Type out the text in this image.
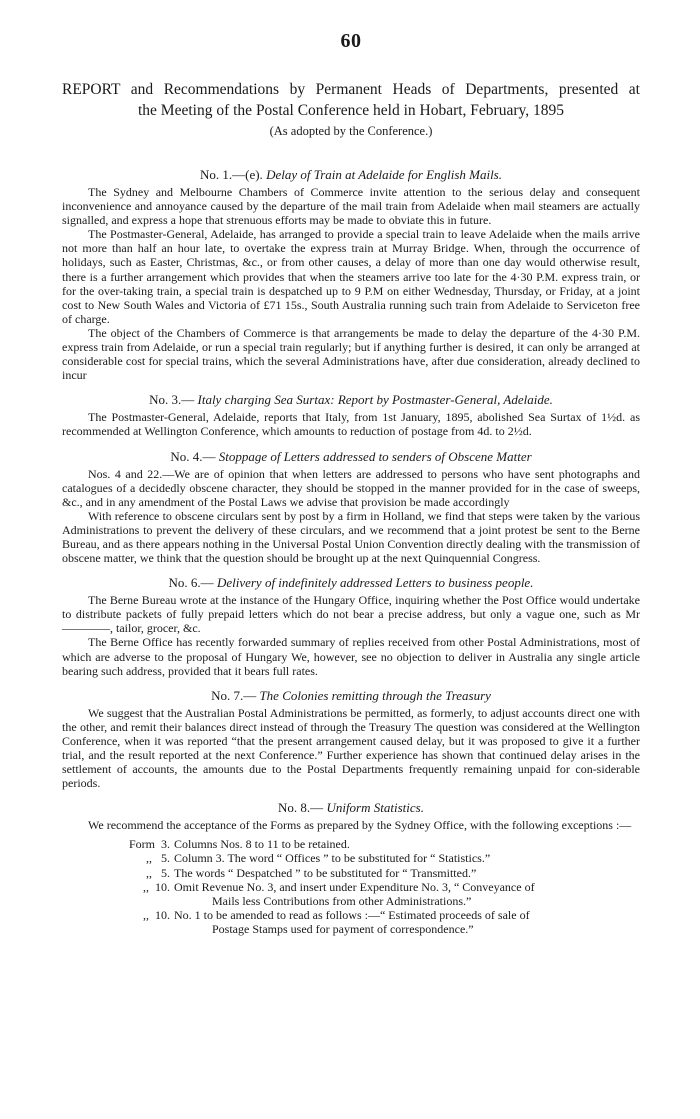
60
REPORT and Recommendations by Permanent Heads of Departments, presented at
the Meeting of the Postal Conference held in Hobart, February, 1895
(As adopted by the Conference.)
No. 1.—(e). Delay of Train at Adelaide for English Mails.

The Sydney and Melbourne Chambers of Commerce invite attention to the serious delay and consequent inconvenience and annoyance caused by the departure of the mail train from Adelaide when mail steamers are actually signalled, and express a hope that strenuous efforts may be made to obviate this in future.

The Postmaster-General, Adelaide, has arranged to provide a special train to leave Adelaide when the mails arrive not more than half an hour late, to overtake the express train at Murray Bridge. When, through the occurrence of holidays, such as Easter, Christmas, &c., or from other causes, a delay of more than one day would otherwise result, there is a further arrangement which provides that when the steamers arrive too late for the 4·30 P.M. express train, or for the over-taking train, a special train is despatched up to 9 P.M on either Wednesday, Thursday, or Friday, at a joint cost to New South Wales and Victoria of £71 15s., South Australia running such train from Adelaide to Serviceton free of charge.

The object of the Chambers of Commerce is that arrangements be made to delay the departure of the 4·30 P.M. express train from Adelaide, or run a special train regularly; but if anything further is desired, it can only be arranged at considerable cost for special trains, which the several Administrations have, after due consideration, already declined to incur

No. 3.— Italy charging Sea Surtax: Report by Postmaster-General, Adelaide.

The Postmaster-General, Adelaide, reports that Italy, from 1st January, 1895, abolished Sea Surtax of 1½d. as recommended at Wellington Conference, which amounts to reduction of postage from 4d. to 2½d.

No. 4.— Stoppage of Letters addressed to senders of Obscene Matter

Nos. 4 and 22.—We are of opinion that when letters are addressed to persons who have sent photographs and catalogues of a decidedly obscene character, they should be stopped in the manner provided for in the case of sweeps, &c., and in any amendment of the Postal Laws we advise that provision be made accordingly

With reference to obscene circulars sent by post by a firm in Holland, we find that steps were taken by the various Administrations to prevent the delivery of these circulars, and we recommend that a joint protest be sent to the Berne Bureau, and as there appears nothing in the Universal Postal Union Convention directly dealing with the transmission of obscene matter, we think that the question should be brought up at the next Quinquennial Congress.

No. 6.— Delivery of indefinitely addressed Letters to business people.

The Berne Bureau wrote at the instance of the Hungary Office, inquiring whether the Post Office would undertake to distribute packets of fully prepaid letters which do not bear a precise address, but only a vague one, such as Mr ————, tailor, grocer, &c.

The Berne Office has recently forwarded summary of replies received from other Postal Administrations, most of which are adverse to the proposal of Hungary We, however, see no objection to deliver in Australia any single article bearing such address, provided that it bears full rates.

No. 7.— The Colonies remitting through the Treasury

We suggest that the Australian Postal Administrations be permitted, as formerly, to adjust accounts direct one with the other, and remit their balances direct instead of through the Treasury The question was considered at the Wellington Conference, when it was reported “that the present arrangement caused delay, but it was proposed to give it a further trial, and the result reported at the next Conference.” Further experience has shown that continued delay arises in the settlement of accounts, the amounts due to the Postal Departments frequently remaining unpaid for con-siderable periods.

No. 8.— Uniform Statistics.

We recommend the acceptance of the Forms as prepared by the Sydney Office, with the following exceptions :—

Form  3. Columns Nos. 8 to 11 to be retained.
,,   5. Column 3. The word “ Offices ” to be substituted for “ Statistics.”
,,   5. The words “ Despatched ” to be substituted for “ Transmitted.”
,,  10. Omit Revenue No. 3, and insert under Expenditure No. 3, “ Conveyance of
Mails less Contributions from other Administrations.”
,,  10. No. 1 to be amended to read as follows :—“ Estimated proceeds of sale of
Postage Stamps used for payment of correspondence.”
